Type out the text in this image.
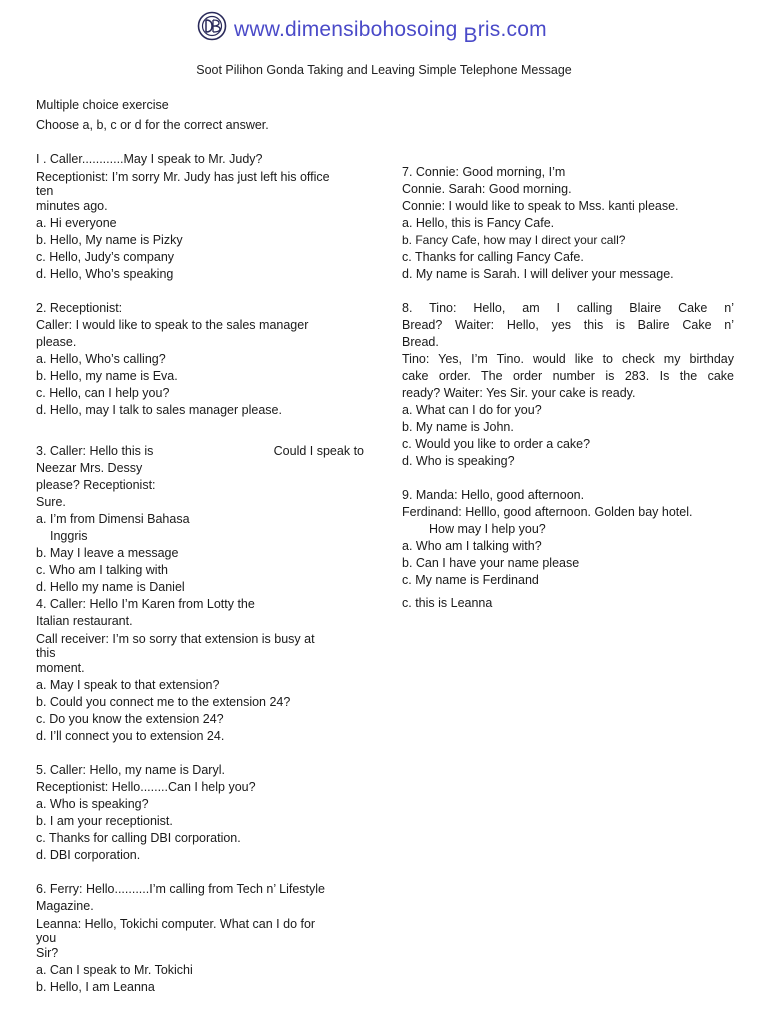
www.dimensibohosoing Bris.com
Soot Pilihon Gonda Taking and Leaving Simple Telephone Message

Multiple choice exercise

Choose a, b, c or d for the correct answer.

I . Caller............May I speak to Mr. Judy?

Receptionist: I’m sorry Mr. Judy has just left his office

ten

minutes ago.

a. Hi everyone

b. Hello, My name is Pizky

c. Hello, Judy’s company

d. Hello, Who’s speaking

2. Receptionist:

Caller: I would like to speak to the sales manager

please.

a. Hello, Who’s calling?

b. Hello, my name is Eva.

c. Hello, can I help you?

d. Hello, may I talk to sales manager please.

3. Caller: Hello this is	Could I speak to

Neezar Mrs. Dessy

please? Receptionist:

Sure.

a. I’m from Dimensi Bahasa

Inggris

b. May I leave a message

c. Who am I talking with

d. Hello my name is Daniel

4. Caller: Hello I’m Karen from Lotty the

Italian restaurant.

Call receiver: I’m so sorry that extension is busy at

this

moment.

a. May I speak to that extension?

b. Could you connect me to the extension 24?

c. Do you know the extension 24?

d. I’ll connect you to extension 24.

5. Caller: Hello, my name is Daryl.

Receptionist: Hello........Can I help you?

a. Who is speaking?

b. I am your receptionist.

c. Thanks for calling DBI corporation.

d. DBI corporation.

6. Ferry: Hello..........I’m calling from Tech n’ Lifestyle

Magazine.

Leanna: Hello, Tokichi computer. What can I do for

you

Sir?

a. Can I speak to Mr. Tokichi

b. Hello, I am Leanna

7. Connie: Good morning, I’m

Connie. Sarah: Good morning.

Connie: I would like to speak to Mss. kanti please.

a. Hello, this is Fancy Cafe.

b. Fancy Cafe, how may I direct your call?

c. Thanks for calling Fancy Cafe.

d. My name is Sarah. I will deliver your message.

8. Tino: Hello, am I calling Blaire Cake n’

Bread? Waiter: Hello, yes this is Balire Cake n’

Bread.

Tino: Yes, I’m Tino. would like to check my birthday

cake order. The order number is 283. Is the cake

ready? Waiter: Yes Sir. your cake is ready.

a. What can I do for you?

b. My name is John.

c. Would you like to order a cake?

d. Who is speaking?

9. Manda: Hello, good afternoon.

Ferdinand: Helllo, good afternoon. Golden bay hotel.

How may I help you?

a. Who am I talking with?

b. Can I have your name please

c. My name is Ferdinand

c. this is Leanna
